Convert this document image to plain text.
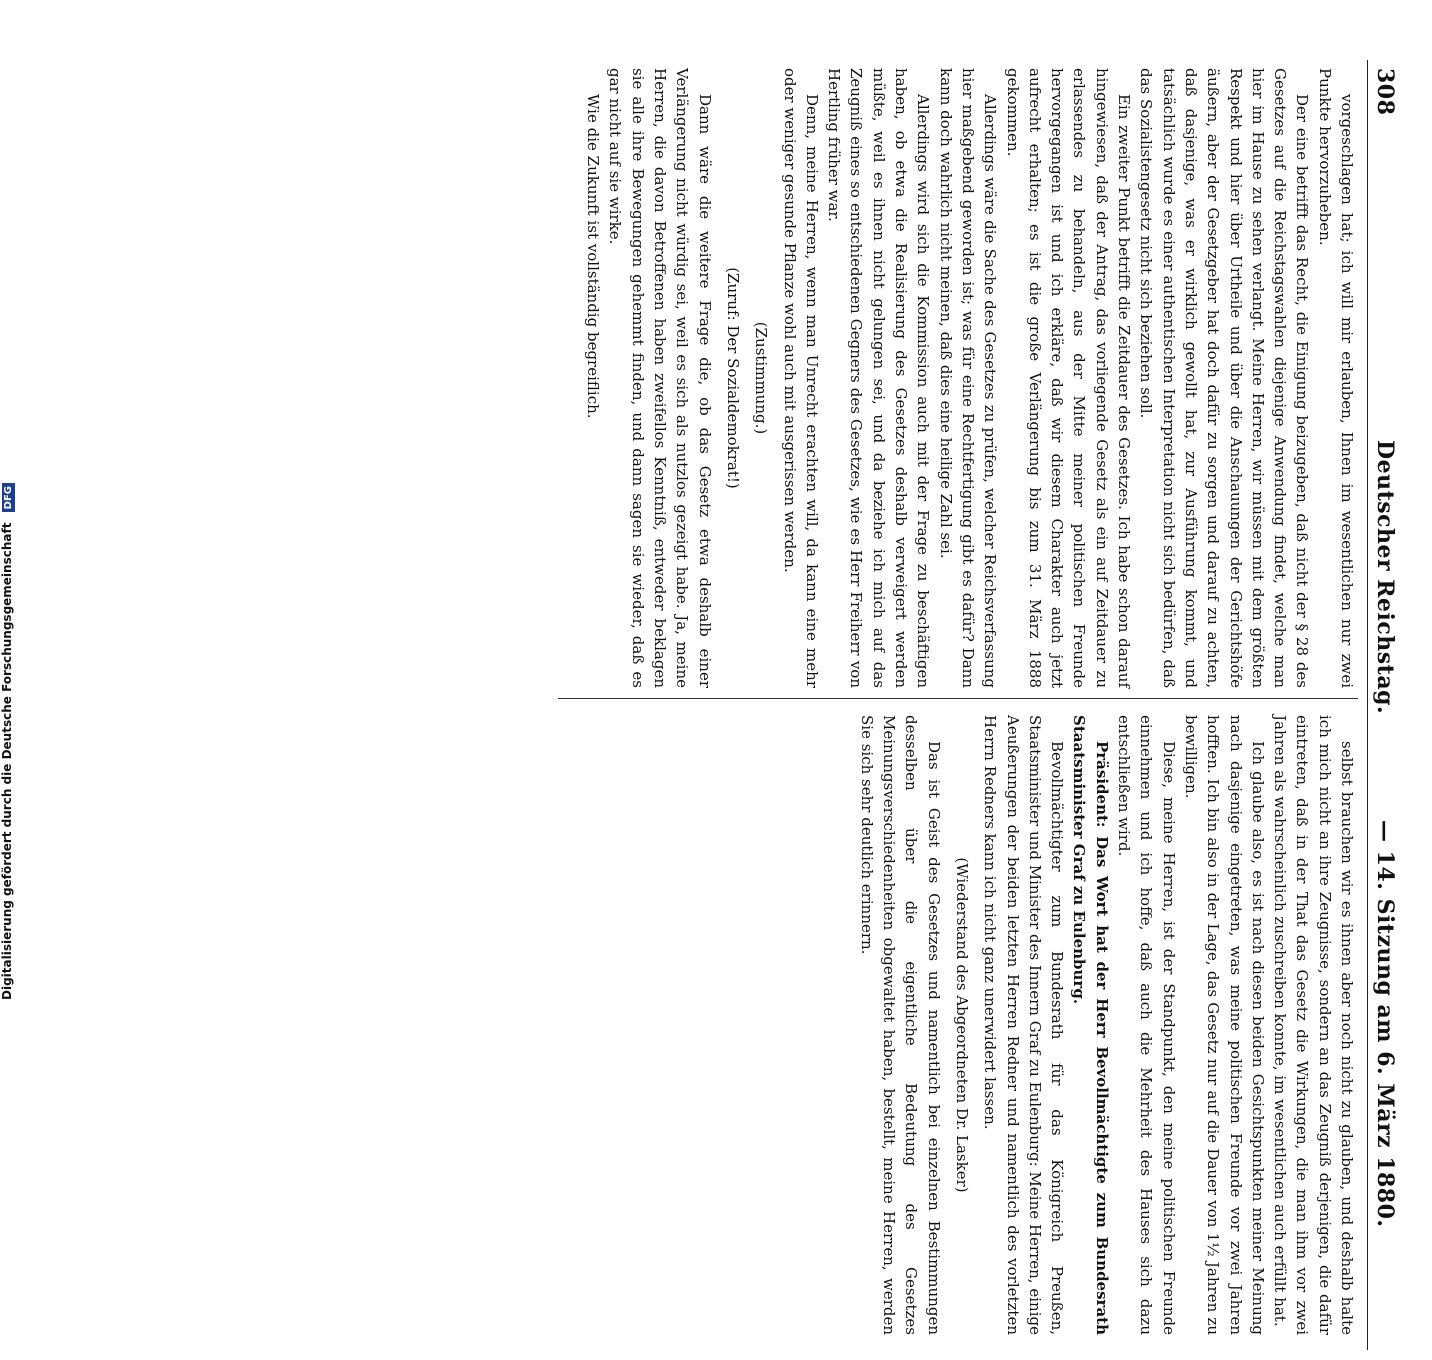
308
Deutscher Reichstag.
— 14. Sitzung am 6. März 1880.

vorgeschlagen hat; ich will mir erlauben, Ihnen im wesentlichen nur zwei Punkte hervorzuheben.

Der eine betrifft das Recht, die Einigung beizugeben, daß nicht der § 28 des Gesetzes auf die Reichstagswahlen diejenige Anwendung findet, welche man hier im Hause zu sehen verlangt. Meine Herren, wir müssen mit dem größten Respekt und hier über Urtheile und über die Anschauungen der Gerichtshöfe äußern, aber der Gesetzgeber hat doch dafür zu sorgen und darauf zu achten, daß dasjenige, was er wirklich gewollt hat, zur Ausführung kommt, und tatsächlich wurde es einer authentischen Interpretation nicht sich bedürfen, daß das Sozialistengesetz nicht sich beziehen soll.

Ein zweiter Punkt betrifft die Zeitdauer des Gesetzes. Ich habe schon darauf hingewiesen, daß der Antrag, das vorliegende Gesetz als ein auf Zeitdauer zu erlassendes zu behandeln, aus der Mitte meiner politischen Freunde hervorgegangen ist und ich erkläre, daß wir diesem Charakter auch jetzt aufrecht erhalten; es ist die große Verlängerung bis zum 31. März 1888 gekommen.

Allerdings wäre die Sache des Gesetzes zu prüfen, welcher Reichsverfassung hier maßgebend geworden ist; was für eine Rechtfertigung gibt es dafür? Dann kann doch wahrlich nicht meinen, daß dies eine heilige Zahl sei.

Allerdings wird sich die Kommission auch mit der Frage zu beschäftigen haben, ob etwa die Realisierung des Gesetzes deshalb verweigert werden müßte, weil es ihnen nicht gelungen sei, und da beziehe ich mich auf das Zeugniß eines so entschiedenen Gegners des Gesetzes, wie es Herr Freiherr von Hertling früher war.

Denn, meine Herren, wenn man Unrecht erachten will, da kann eine mehr oder weniger gesunde Pflanze wohl auch mit ausgerissen werden.

(Zustimmung.)

(Zuruf: Der Sozialdemokrat!)

Dann wäre die weitere Frage die, ob das Gesetz etwa deshalb einer Verlängerung nicht würdig sei, weil es sich als nutzlos gezeigt habe. Ja, meine Herren, die davon Betroffenen haben zweifellos Kenntniß, entweder beklagen sie alle ihre Bewegungen gehemmt finden, und dann sagen sie wieder, daß es gar nicht auf sie wirke.

Wie die Zukunft ist vollständig begreiflich.

selbst brauchen wir es ihnen aber noch nicht zu glauben, und deshalb halte ich mich nicht an ihre Zeugnisse, sondern an das Zeugniß derjenigen, die dafür eintreten, daß in der That das Gesetz die Wirkungen, die man ihm vor zwei Jahren als wahrscheinlich zuschreiben konnte, im wesentlichen auch erfüllt hat.

Ich glaube also, es ist nach diesen beiden Gesichtspunkten meiner Meinung nach dasjenige eingetreten, was meine politischen Freunde vor zwei Jahren hofften. Ich bin also in der Lage, das Gesetz nur auf die Dauer von 1½ Jahren zu bewilligen.

Diese, meine Herren, ist der Standpunkt, den meine politischen Freunde einnehmen und ich hoffe, daß auch die Mehrheit des Hauses sich dazu entschließen wird.

Präsident: Das Wort hat der Herr Bevollmächtigte zum Bundesrath Staatsminister Graf zu Eulenburg.

Bevollmächtigter zum Bundesrath für das Königreich Preußen, Staatsminister und Minister des Innern Graf zu Eulenburg: Meine Herren, einige Aeußerungen der beiden letzten Herren Redner und namentlich des vorletzten Herrn Redners kann ich nicht ganz unerwidert lassen.

(Wiederstand des Abgeordneten Dr. Lasker)

Das ist Geist des Gesetzes und namentlich bei einzelnen Bestimmungen desselben über die eigentliche Bedeutung des Gesetzes Meinungsverschiedenheiten obgewaltet haben, bestellt, meine Herren, werden Sie sich sehr deutlich erinnern.

Digitalisierung gefördert durch die Deutsche Forschungsgemeinschaft DFG
